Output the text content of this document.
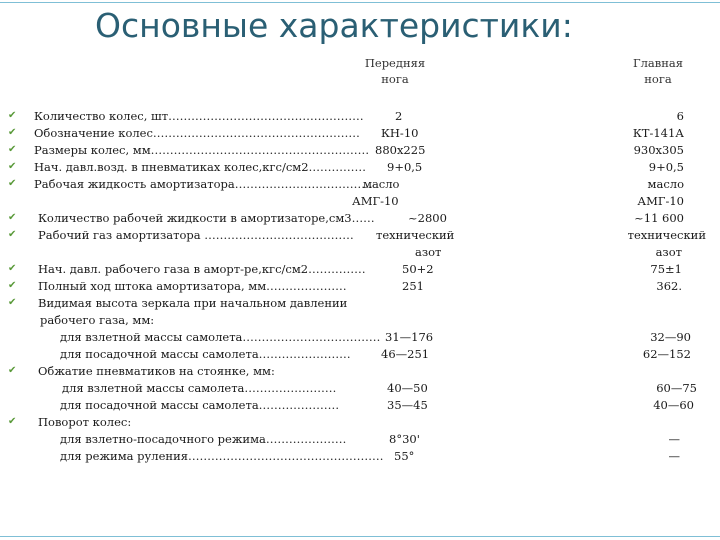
Основные характеристики:
Передняя
нога
Главная
нога
✔ Количество колес, шт……………………………………………	2	6
✔ Обозначение колес……………………………………………… КН-10	КТ-141А
✔ Размеры колес, мм………………………………………………… 880х225	930х305
✔ Нач. давл.возд. в пневматиках колес,кгс/см2…………… 9+0,5	9+0,5
✔ Рабочая жидкость амортизатора………………………………
масло	масло
АМГ-10	АМГ-10
✔ Количество рабочей жидкости в амортизаторе,см3……	~2800	~11 600
✔ Рабочий газ амортизатора ………………………………… технический	технический
азот	азот
✔ Нач. давл. рабочего газа в аморт-ре,кгс/см2……………	50+2	75±1
✔ Полный ход штока амортизатора, мм…………………	251	362.
✔ Видимая высота зеркала при начальном давлении
рабочего газа, мм:
для взлетной массы самолета……………………………… 31—176	32—90
для посадочной массы самолета……………………	46—251	62—152
✔ Обжатие пневматиков на стоянке, мм:
для взлетной массы самолета……………………	40—50	60—75
для посадочной массы самолета…………………	35—45	40—60
✔ Поворот колес:
для взлетно-посадочного режима…………………	8°30'	—
для режима руления…………………………………………… 55°	—
